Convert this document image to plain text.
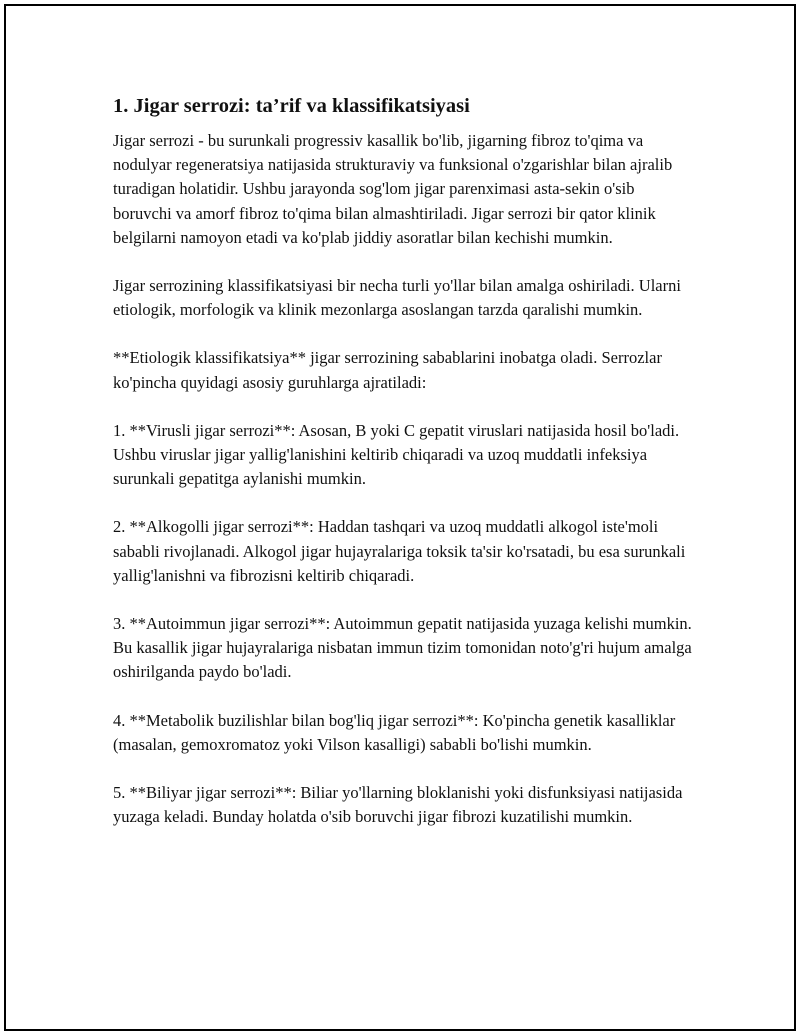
1. Jigar serrozi: ta’rif va klassifikatsiyasi

Jigar serrozi - bu surunkali progressiv kasallik bo'lib, jigarning fibroz to'qima va nodulyar regeneratsiya natijasida strukturaviy va funksional o'zgarishlar bilan ajralib turadigan holatidir. Ushbu jarayonda sog'lom jigar parenximasi asta-sekin o'sib boruvchi va amorf fibroz to'qima bilan almashtiriladi. Jigar serrozi bir qator klinik belgilarni namoyon etadi va ko'plab jiddiy asoratlar bilan kechishi mumkin.

Jigar serrozining klassifikatsiyasi bir necha turli yo'llar bilan amalga oshiriladi. Ularni etiologik, morfologik va klinik mezonlarga asoslangan tarzda qaralishi mumkin.

**Etiologik klassifikatsiya** jigar serrozining sabablarini inobatga oladi. Serrozlar ko'pincha quyidagi asosiy guruhlarga ajratiladi:

1. **Virusli jigar serrozi**: Asosan, B yoki C gepatit viruslari natijasida hosil bo'ladi. Ushbu viruslar jigar yallig'lanishini keltirib chiqaradi va uzoq muddatli infeksiya surunkali gepatitga aylanishi mumkin.

2. **Alkogolli jigar serrozi**: Haddan tashqari va uzoq muddatli alkogol iste'moli sababli rivojlanadi. Alkogol jigar hujayralariga toksik ta'sir ko'rsatadi, bu esa surunkali yallig'lanishni va fibrozisni keltirib chiqaradi.

3. **Autoimmun jigar serrozi**: Autoimmun gepatit natijasida yuzaga kelishi mumkin. Bu kasallik jigar hujayralariga nisbatan immun tizim tomonidan noto'g'ri hujum amalga oshirilganda paydo bo'ladi.

4. **Metabolik buzilishlar bilan bog'liq jigar serrozi**: Ko'pincha genetik kasalliklar (masalan, gemoxromatoz yoki Vilson kasalligi) sababli bo'lishi mumkin.

5. **Biliyar jigar serrozi**: Biliar yo'llarning bloklanishi yoki disfunksiyasi natijasida yuzaga keladi. Bunday holatda o'sib boruvchi jigar fibrozi kuzatilishi mumkin.
